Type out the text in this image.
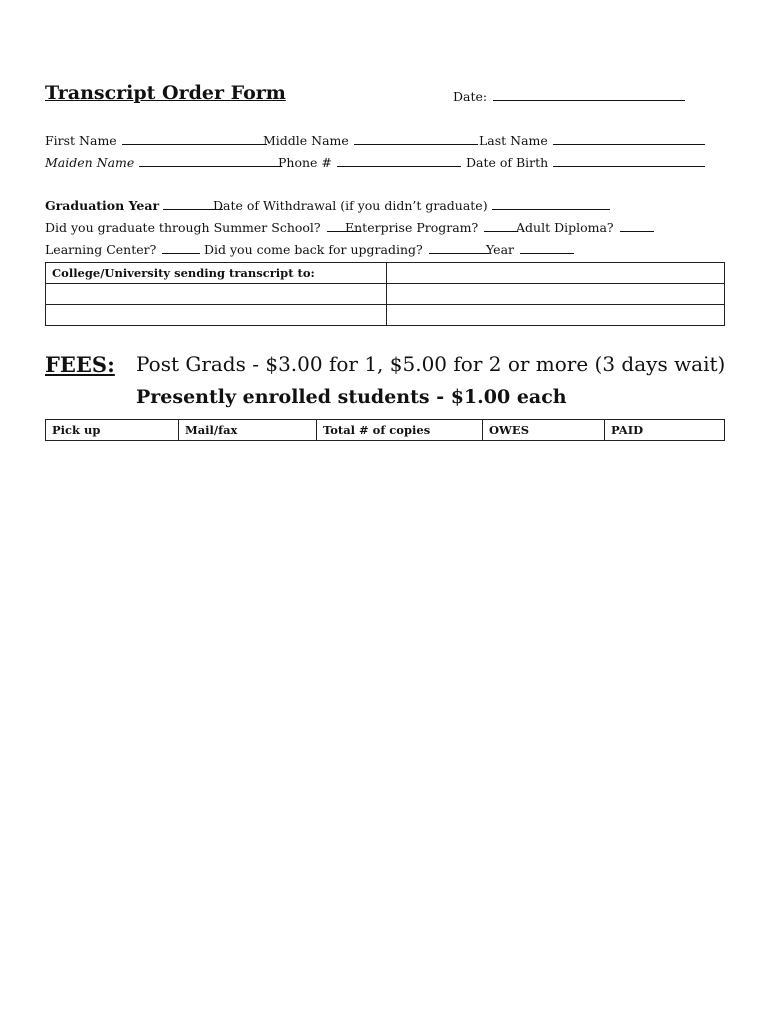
Transcript Order Form	Date:
First Name	Middle Name	Last Name
Maiden Name	Phone #	Date of Birth
Graduation Year	Date of Withdrawal (if you didn’t graduate)
Did you graduate through Summer School? Enterprise Program?	Adult Diploma?
Learning Center?	Did you come back for upgrading?	Year
College/University sending transcript to:	

FEES: Post Grads - $3.00 for 1, $5.00 for 2 or more (3 days wait)
Presently enrolled students - $1.00 each
Pick up	Mail/fax	Total # of copies	OWES	PAID
